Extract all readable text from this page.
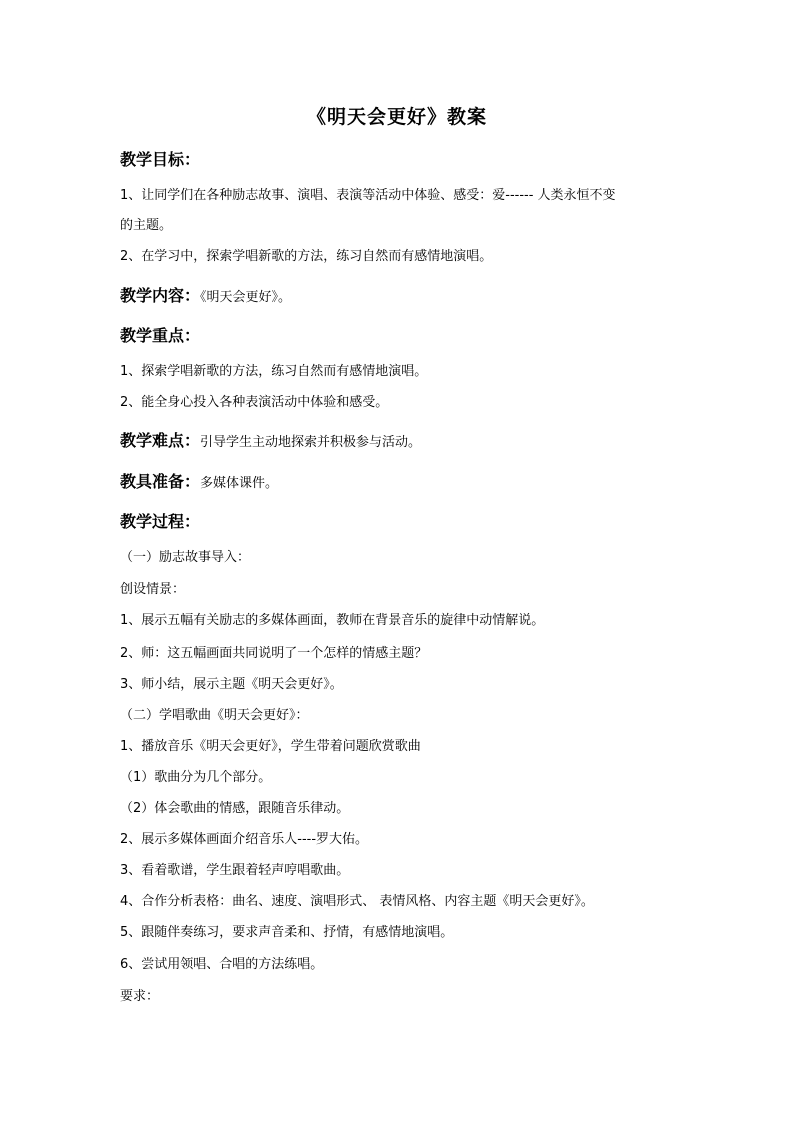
《明天会更好》教案
教学目标：
1、让同学们在各种励志故事、演唱、表演等活动中体验、感受：爱------ 人类永恒不变
的主题。
2、在学习中，探索学唱新歌的方法，练习自然而有感情地演唱。
教学内容：《明天会更好》。
教学重点：
1、探索学唱新歌的方法，练习自然而有感情地演唱。
2、能全身心投入各种表演活动中体验和感受。
教学难点：引导学生主动地探索并积极参与活动。
教具准备：多媒体课件。
教学过程：
（一）励志故事导入：
创设情景：
1、展示五幅有关励志的多媒体画面，教师在背景音乐的旋律中动情解说。
2、师：这五幅画面共同说明了一个怎样的情感主题？
3、师小结，展示主题《明天会更好》。
（二）学唱歌曲《明天会更好》：
1、播放音乐《明天会更好》，学生带着问题欣赏歌曲
（1）歌曲分为几个部分。
（2）体会歌曲的情感，跟随音乐律动。
2、展示多媒体画面介绍音乐人----罗大佑。
3、看着歌谱，学生跟着轻声哼唱歌曲。
4、合作分析表格：曲名、速度、演唱形式、 表情风格、内容主题《明天会更好》。
5、跟随伴奏练习，要求声音柔和、抒情，有感情地演唱。
6、尝试用领唱、合唱的方法练唱。
要求：
